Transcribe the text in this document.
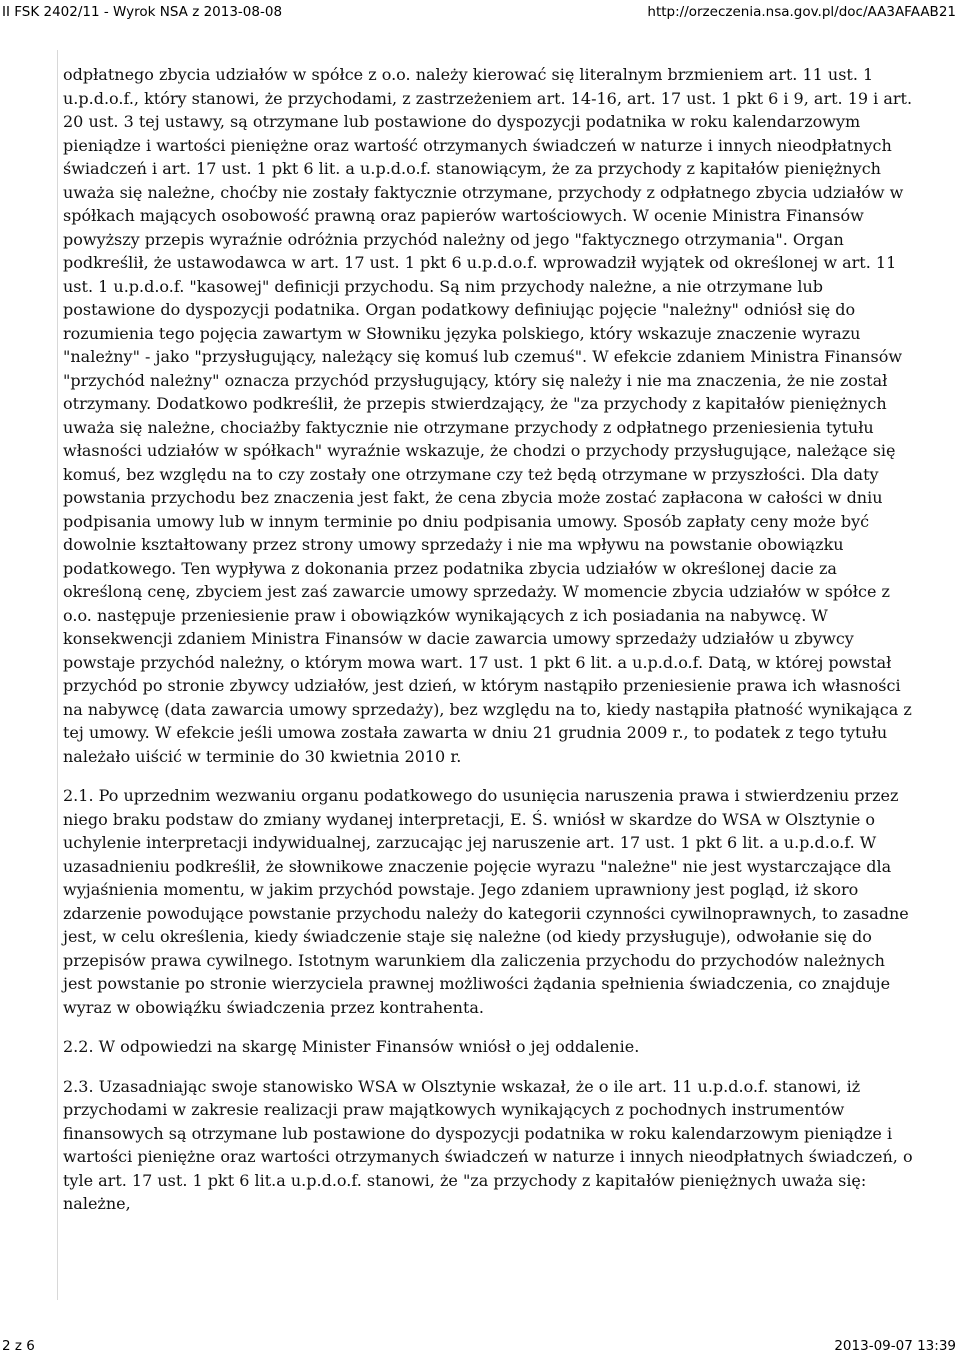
II FSK 2402/11 - Wyrok NSA z 2013-08-08	http://orzeczenia.nsa.gov.pl/doc/AA3AFAAB21

odpłatnego zbycia udziałów w spółce z o.o. należy kierować się literalnym brzmieniem art. 11 ust. 1 u.p.d.o.f., który stanowi, że przychodami, z zastrzeżeniem art. 14-16, art. 17 ust. 1 pkt 6 i 9, art. 19 i art. 20 ust. 3 tej ustawy, są otrzymane lub postawione do dyspozycji podatnika w roku kalendarzowym pieniądze i wartości pieniężne oraz wartość otrzymanych świadczeń w naturze i innych nieodpłatnych świadczeń i art. 17 ust. 1 pkt 6 lit. a u.p.d.o.f. stanowiącym, że za przychody z kapitałów pieniężnych uważa się należne, choćby nie zostały faktycznie otrzymane, przychody z odpłatnego zbycia udziałów w spółkach mających osobowość prawną oraz papierów wartościowych. W ocenie Ministra Finansów powyższy przepis wyraźnie odróżnia przychód należny od jego "faktycznego otrzymania". Organ podkreślił, że ustawodawca w art. 17 ust. 1 pkt 6 u.p.d.o.f. wprowadził wyjątek od określonej w art. 11 ust. 1 u.p.d.o.f. "kasowej" definicji przychodu. Są nim przychody należne, a nie otrzymane lub postawione do dyspozycji podatnika. Organ podatkowy definiując pojęcie "należny" odniósł się do rozumienia tego pojęcia zawartym w Słowniku języka polskiego, który wskazuje znaczenie wyrazu "należny" - jako "przysługujący, należący się komuś lub czemuś". W efekcie zdaniem Ministra Finansów "przychód należny" oznacza przychód przysługujący, który się należy i nie ma znaczenia, że nie został otrzymany. Dodatkowo podkreślił, że przepis stwierdzający, że "za przychody z kapitałów pieniężnych uważa się należne, chociażby faktycznie nie otrzymane przychody z odpłatnego przeniesienia tytułu własności udziałów w spółkach" wyraźnie wskazuje, że chodzi o przychody przysługujące, należące się komuś, bez względu na to czy zostały one otrzymane czy też będą otrzymane w przyszłości. Dla daty powstania przychodu bez znaczenia jest fakt, że cena zbycia może zostać zapłacona w całości w dniu podpisania umowy lub w innym terminie po dniu podpisania umowy. Sposób zapłaty ceny może być dowolnie kształtowany przez strony umowy sprzedaży i nie ma wpływu na powstanie obowiązku podatkowego. Ten wypływa z dokonania przez podatnika zbycia udziałów w określonej dacie za określoną cenę, zbyciem jest zaś zawarcie umowy sprzedaży. W momencie zbycia udziałów w spółce z o.o. następuje przeniesienie praw i obowiązków wynikających z ich posiadania na nabywcę. W konsekwencji zdaniem Ministra Finansów w dacie zawarcia umowy sprzedaży udziałów u zbywcy powstaje przychód należny, o którym mowa wart. 17 ust. 1 pkt 6 lit. a u.p.d.o.f. Datą, w której powstał przychód po stronie zbywcy udziałów, jest dzień, w którym nastąpiło przeniesienie prawa ich własności na nabywcę (data zawarcia umowy sprzedaży), bez względu na to, kiedy nastąpiła płatność wynikająca z tej umowy. W efekcie jeśli umowa została zawarta w dniu 21 grudnia 2009 r., to podatek z tego tytułu należało uiścić w terminie do 30 kwietnia 2010 r.

2.1. Po uprzednim wezwaniu organu podatkowego do usunięcia naruszenia prawa i stwierdzeniu przez niego braku podstaw do zmiany wydanej interpretacji, E. Ś. wniósł w skardze do WSA w Olsztynie o uchylenie interpretacji indywidualnej, zarzucając jej naruszenie art. 17 ust. 1 pkt 6 lit. a u.p.d.o.f. W uzasadnieniu podkreślił, że słownikowe znaczenie pojęcie wyrazu "należne" nie jest wystarczające dla wyjaśnienia momentu, w jakim przychód powstaje. Jego zdaniem uprawniony jest pogląd, iż skoro zdarzenie powodujące powstanie przychodu należy do kategorii czynności cywilnoprawnych, to zasadne jest, w celu określenia, kiedy świadczenie staje się należne (od kiedy przysługuje), odwołanie się do przepisów prawa cywilnego. Istotnym warunkiem dla zaliczenia przychodu do przychodów należnych jest powstanie po stronie wierzyciela prawnej możliwości żądania spełnienia świadczenia, co znajduje wyraz w obowiąźku świadczenia przez kontrahenta.

2.2. W odpowiedzi na skargę Minister Finansów wniósł o jej oddalenie.

2.3. Uzasadniając swoje stanowisko WSA w Olsztynie wskazał, że o ile art. 11 u.p.d.o.f. stanowi, iż przychodami w zakresie realizacji praw majątkowych wynikających z pochodnych instrumentów finansowych są otrzymane lub postawione do dyspozycji podatnika w roku kalendarzowym pieniądze i wartości pieniężne oraz wartości otrzymanych świadczeń w naturze i innych nieodpłatnych świadczeń, o tyle art. 17 ust. 1 pkt 6 lit.a u.p.d.o.f. stanowi, że "za przychody z kapitałów pieniężnych uważa się: należne,

2 z 6	2013-09-07 13:39
